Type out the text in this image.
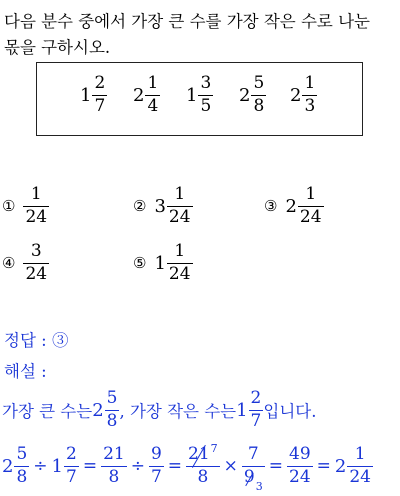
다음 분수 중에서 가장 큰 수를 가장 작은 수로 나눈
몫을 구하시오.
$1 \frac{2}{7} 2 \frac{1}{4} 1 \frac{3}{5} 2 \frac{5}{8} 2 \frac{1}{3}$
① $\frac{1}{24}$	② $3 \frac{1}{24}$	③ $2 \frac{1}{24}$
④ $\frac{3}{24}$	⑤ $1 \frac{1}{24}$
정답 : ③
해설 :
가장 큰 수는 $2 \frac{5}{8}$ , 가장 작은 수는 $1 \frac{2}{7}$ 입니다.
$2 \frac{5}{8} \div 1 \frac{2}{7} = \frac{21}{8} \div \frac{9}{7} = \frac{21^7}{8} \times \frac{7}{9_3} = \frac{49}{24} = 2 \frac{1}{24}$
